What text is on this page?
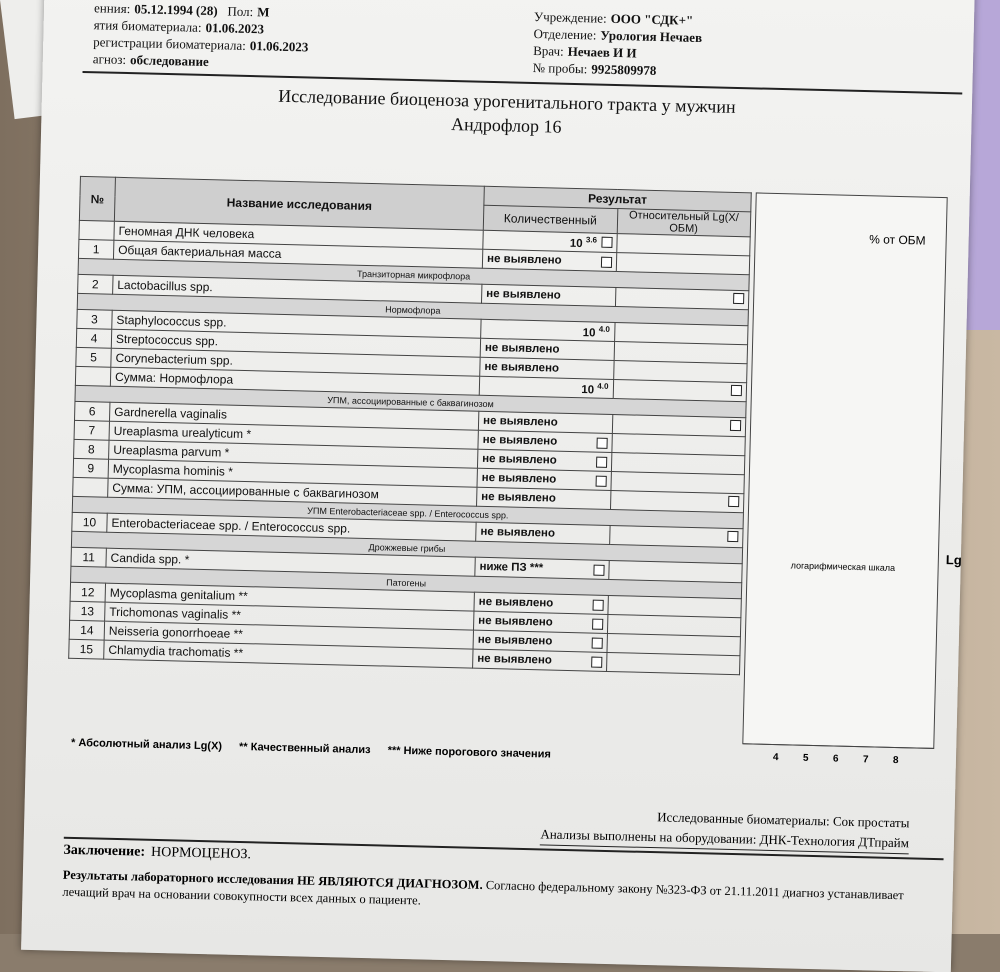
енния: 05.12.1994 (28) Пол: М
ятия биоматериала: 01.06.2023
регистрации биоматериала: 01.06.2023
агноз: обследование
Учреждение: ООО "СДК+"
Отделение: Урология Нечаев
Врач: Нечаев И И
№ пробы: 9925809978
Исследование биоценоза урогенитального тракта у мужчин
Андрофлор 16
№	Название исследования	Результат	
		Количественный	Относительный Lg(X/ОБМ)
	Геномная ДНК человека	10 $^{3.6}$

1	Общая бактериальная масса	не выявлено	

Транзиторная микрофлора			
2	Lactobacillus spp.	не выявлено	

Нормофлора			
3	Staphylococcus spp.	10 $^{4.0}$

4	Streptococcus spp.	не выявлено	

5	Corynebacterium spp.	не выявлено	

	Сумма: Нормофлора	10 $^{4.0}$

УПМ, ассоциированные с баквагинозом			
6	Gardnerella vaginalis	не выявлено	

7	Ureaplasma urealyticum *	не выявлено	

8	Ureaplasma parvum *	не выявлено	

9	Mycoplasma hominis *	не выявлено	

	Сумма: УПМ, ассоциированные с баквагинозом	не выявлено	

УПМ Enterobacteriaceae spp. / Enterococcus spp.			
10	Enterobacteriaceae spp. / Enterococcus spp.	не выявлено	

Дрожжевые грибы			
11	Candida spp. *	ниже ПЗ ***	

Патогены			
12	Mycoplasma genitalium **	не выявлено	

13	Trichomonas vaginalis **	не выявлено	

14	Neisseria gonorrhoeae **	не выявлено	

15	Chlamydia trachomatis **	не выявлено	

% от ОБМ
4 5 6 7 8
логарифмическая шкала	Lg
* Абсолютный анализ Lg(X) ** Качественный анализ *** Ниже порогового значения
Исследованные биоматериалы: Сок простаты
Анализы выполнены на оборудовании: ДНК-Технология ДТпрайм
Заключение: НОРМОЦЕНОЗ.
Результаты лабораторного исследования НЕ ЯВЛЯЮТСЯ ДИАГНОЗОМ. Согласно федеральному закону №323-ФЗ от 21.11.2011 диагноз устанавливает лечащий врач на основании совокупности всех данных о пациенте.
